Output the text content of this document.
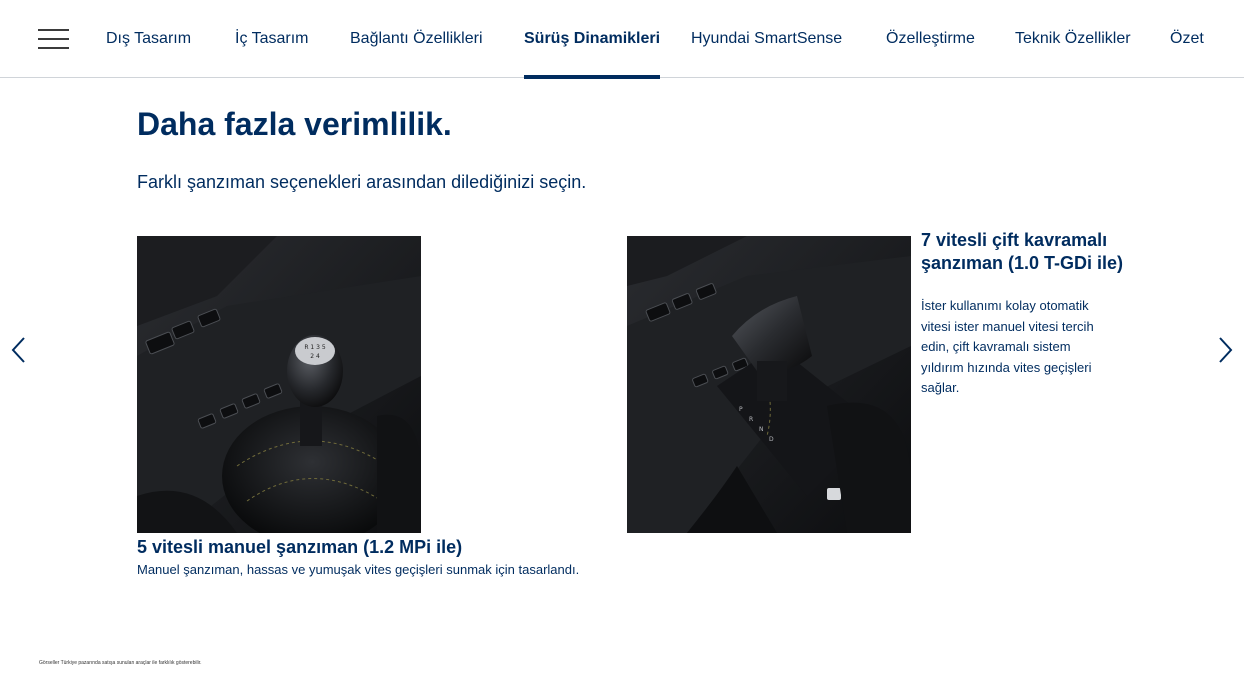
Dış Tasarım	İç Tasarım	Bağlantı Özellikleri	Sürüş Dinamikleri Hyundai SmartSense	Özelleştirme	Teknik Özellikler Özet
Daha fazla verimlilik.

Farklı şanzıman seçenekleri arasından dilediğinizi seçin.

R 1 3 5
2 4
5 vitesli manuel şanzıman (1.2 MPi ile)
Manuel şanzıman, hassas ve yumuşak vites geçişleri sunmak için tasarlandı.
P
R
N
D
7 vitesli çift kavramalı şanzıman (1.0 T-GDi ile)
İster kullanımı kolay otomatik vitesi ister manuel vitesi tercih edin, çift kavramalı sistem yıldırım hızında vites geçişleri sağlar.
Görseller Türkiye pazarında satışa sunulan araçlar ile farklılık gösterebilir.
